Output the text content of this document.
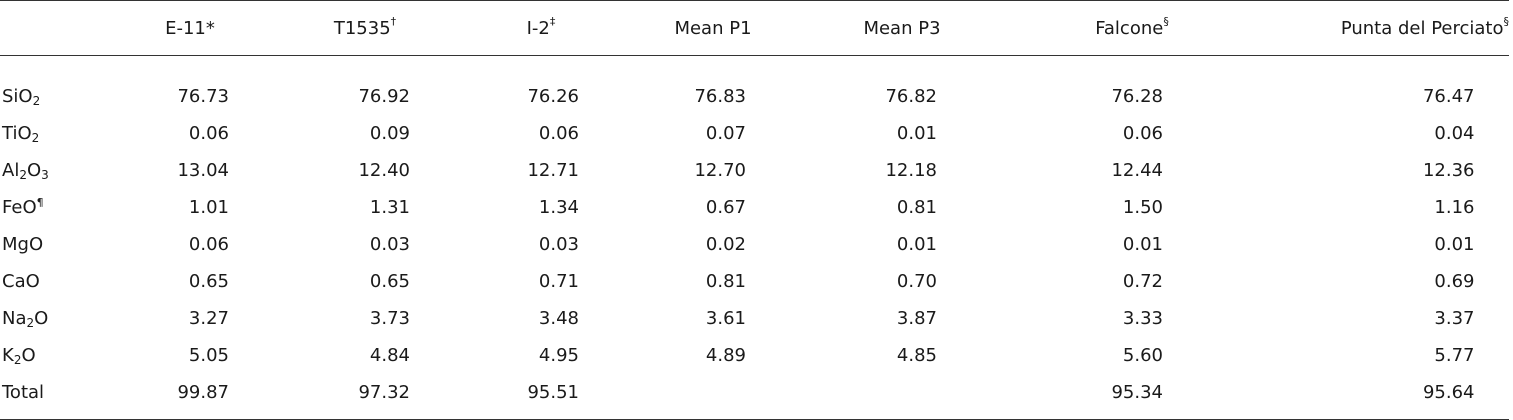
	E-11*	T1535†	I-2‡	Mean P1	Mean P3	Falcone§	Punta del Perciato§
SiO$_2$	76.73	76.92	76.26	76.83	76.82	76.28	76.47
TiO$_2$	0.06	0.09	0.06	0.07	0.01	0.06	0.04
$Al_2O_3$	13.04	12.40	12.71	12.70	12.18	12.44	12.36
FeO¶	1.01	1.31	1.34	0.67	0.81	1.50	1.16
MgO	0.06	0.03	0.03	0.02	0.01	0.01	0.01
CaO	0.65	0.65	0.71	0.81	0.70	0.72	0.69
$Na_2O$	3.27	3.73	3.48	3.61	3.87	3.33	3.37
$K_2O$	5.05	4.84	4.95	4.89	4.85	5.60	5.77
Total	99.87	97.32	95.51			95.34	95.64
